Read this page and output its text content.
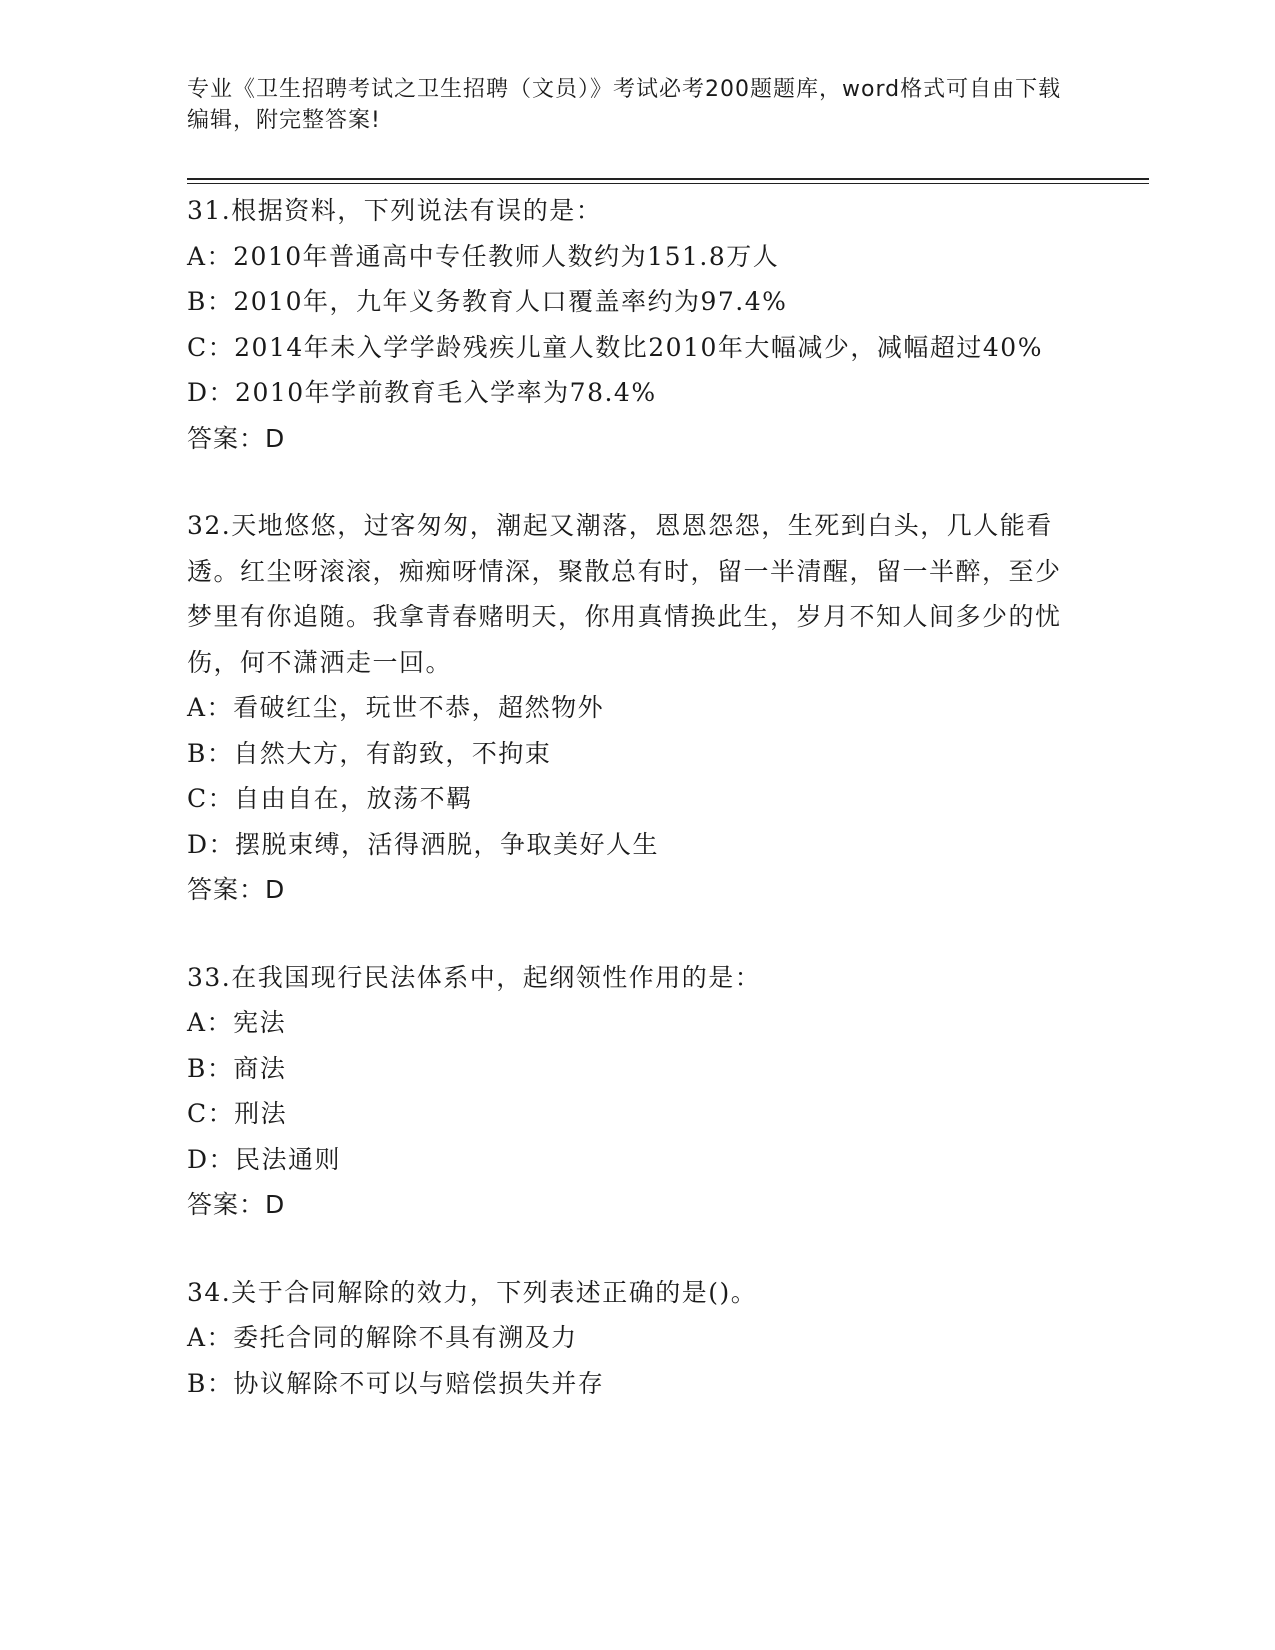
专业《卫生招聘考试之卫生招聘（文员）》考试必考200题题库，word格式可自由下载编辑，附完整答案!

31.根据资料，下列说法有误的是：

A： 2010年普通高中专任教师人数约为151.8万人

B： 2010年，九年义务教育人口覆盖率约为97.4%

C： 2014年未入学学龄残疾儿童人数比2010年大幅减少，减幅超过40%

D： 2010年学前教育毛入学率为78.4%

答案：D

32.天地悠悠，过客匆匆，潮起又潮落，恩恩怨怨，生死到白头，几人能看透。红尘呀滚滚，痴痴呀情深，聚散总有时，留一半清醒，留一半醉，至少梦里有你追随。我拿青春赌明天，你用真情换此生，岁月不知人间多少的忧伤，何不潇洒走一回。

A： 看破红尘，玩世不恭，超然物外

B： 自然大方，有韵致，不拘束

C： 自由自在，放荡不羁

D： 摆脱束缚，活得洒脱，争取美好人生

答案：D

33.在我国现行民法体系中，起纲领性作用的是：

A： 宪法

B： 商法

C： 刑法

D： 民法通则

答案：D

34.关于合同解除的效力，下列表述正确的是()。

A： 委托合同的解除不具有溯及力

B： 协议解除不可以与赔偿损失并存
